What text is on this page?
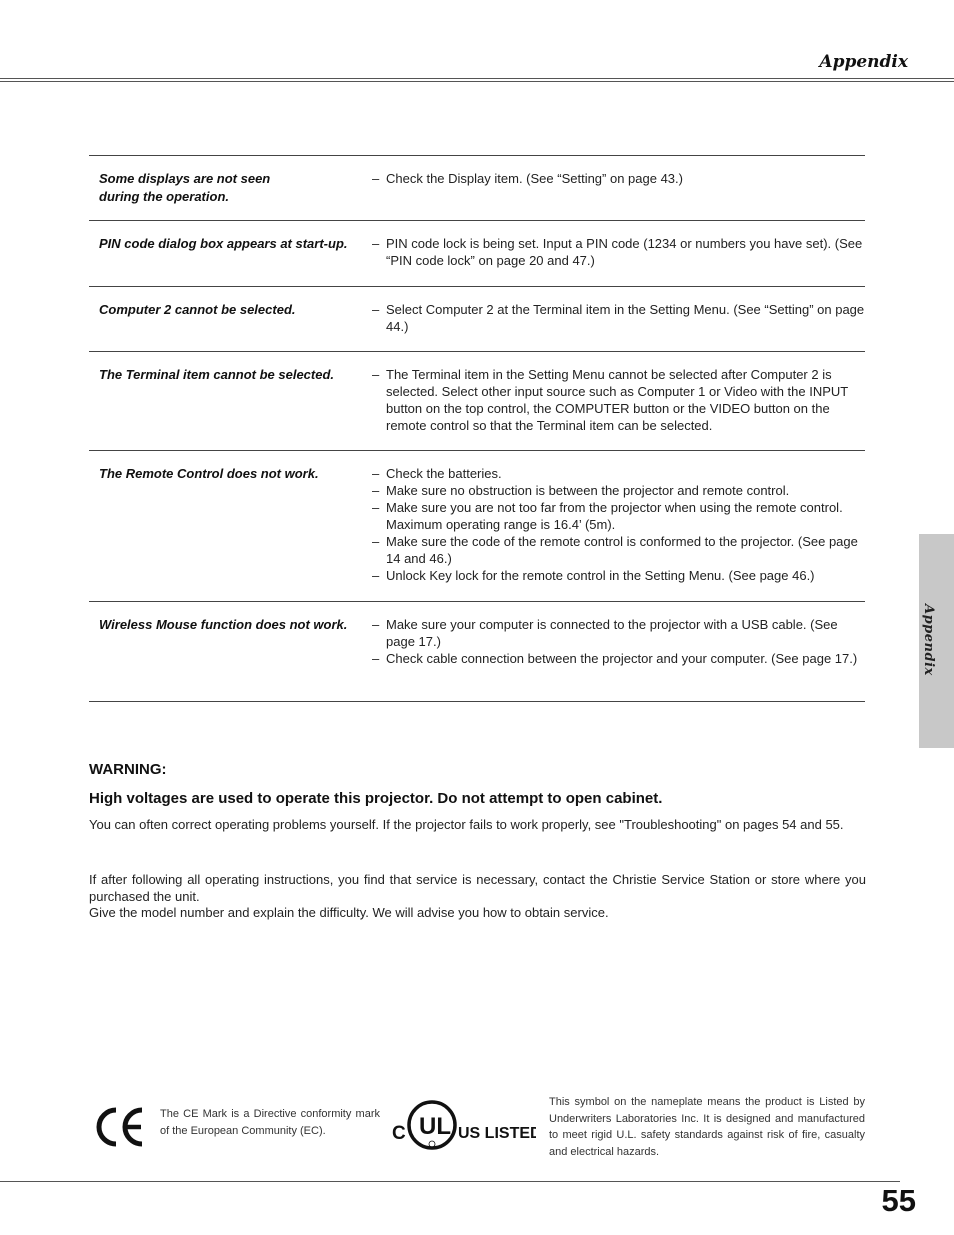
Appendix
Appendix
Some displays are not seen during the operation.
– Check the Display item. (See “Setting” on page 43.)
PIN code dialog box appears at start-up.	– PIN code lock is being set. Input a PIN code (1234 or numbers you have set). (See “PIN code lock” on page 20 and 47.)
Computer 2 cannot be selected.	– Select Computer 2 at the Terminal item in the Setting Menu. (See “Setting” on page 44.)
The Terminal item cannot be selected.	– The Terminal item in the Setting Menu cannot be selected after Computer 2 is selected. Select other input source such as Computer 1 or Video with the INPUT button on the top control, the COMPUTER button or the VIDEO button on the remote control so that the Terminal item can be selected.
The Remote Control does not work.	– Check the batteries.
– Make sure no obstruction is between the projector and remote control.
– Make sure you are not too far from the projector when using the remote control. Maximum operating range is 16.4’ (5m).
– Make sure the code of the remote control is conformed to the projector. (See page 14 and 46.)
– Unlock Key lock for the remote control in the Setting Menu. (See page 46.)
Wireless Mouse function does not work.	– Make sure your computer is connected to the projector with a USB cable. (See page 17.)
– Check cable connection between the projector and your computer. (See page 17.)
WARNING:
High voltages are used to operate this projector. Do not attempt to open cabinet.
You can often correct operating problems yourself. If the projector fails to work properly, see "Troubleshooting" on pages 54 and 55.
If after following all operating instructions, you find that service is necessary, contact the Christie Service Station or store where you purchased the unit.
Give the model number and explain the difficulty. We will advise you how to obtain service.
The CE Mark is a Directive conformity mark of the European Community (EC).	C UL US LISTED
This symbol on the nameplate means the product is Listed by Underwriters Laboratories Inc. It is designed and manufactured to meet rigid U.L. safety standards against risk of fire, casualty and electrical hazards.
55
